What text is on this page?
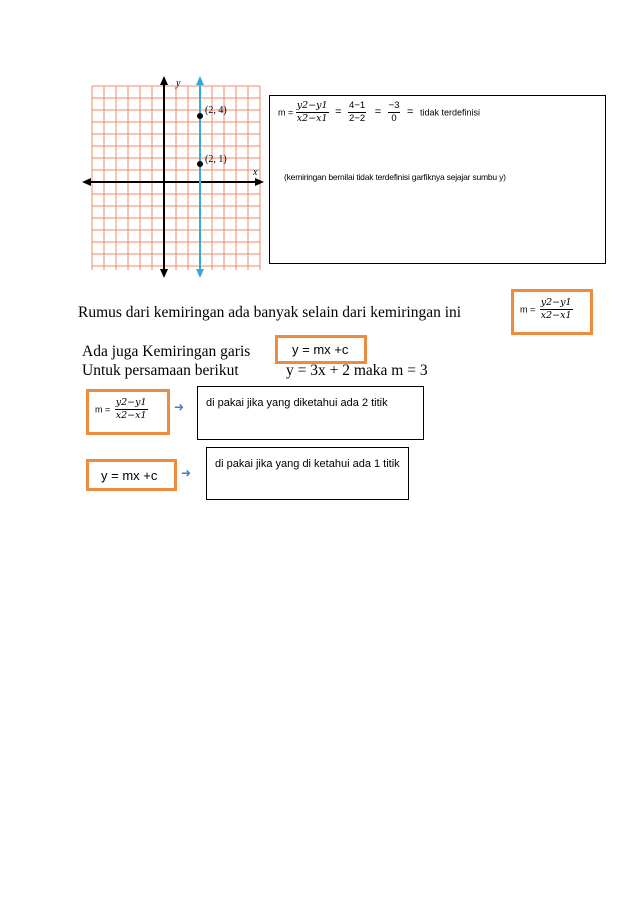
(2, 4)
(2, 1)
x
y
$m = \frac{y2-y1}{x2-x1} = \frac{4-1}{2-2} = \frac{-3}{0}$ = tidak terdefinisi
(kemiringan bernilai tidak terdefinisi garfiknya sejajar sumbu y)
Rumus dari kemiringan ada banyak selain dari kemiringan ini	$m = \frac{y2-y1}{x2-x1}$
Ada juga Kemiringan garis	y = mx +c
Untuk persamaan berikut	y = 3x + 2 maka m = 3
$m = \frac{y2-y1}{x2-x1}$ ➜ di pakai jika yang diketahui ada 2 titik
y = mx +c ➜
di pakai jika yang di ketahui ada 1 titik
